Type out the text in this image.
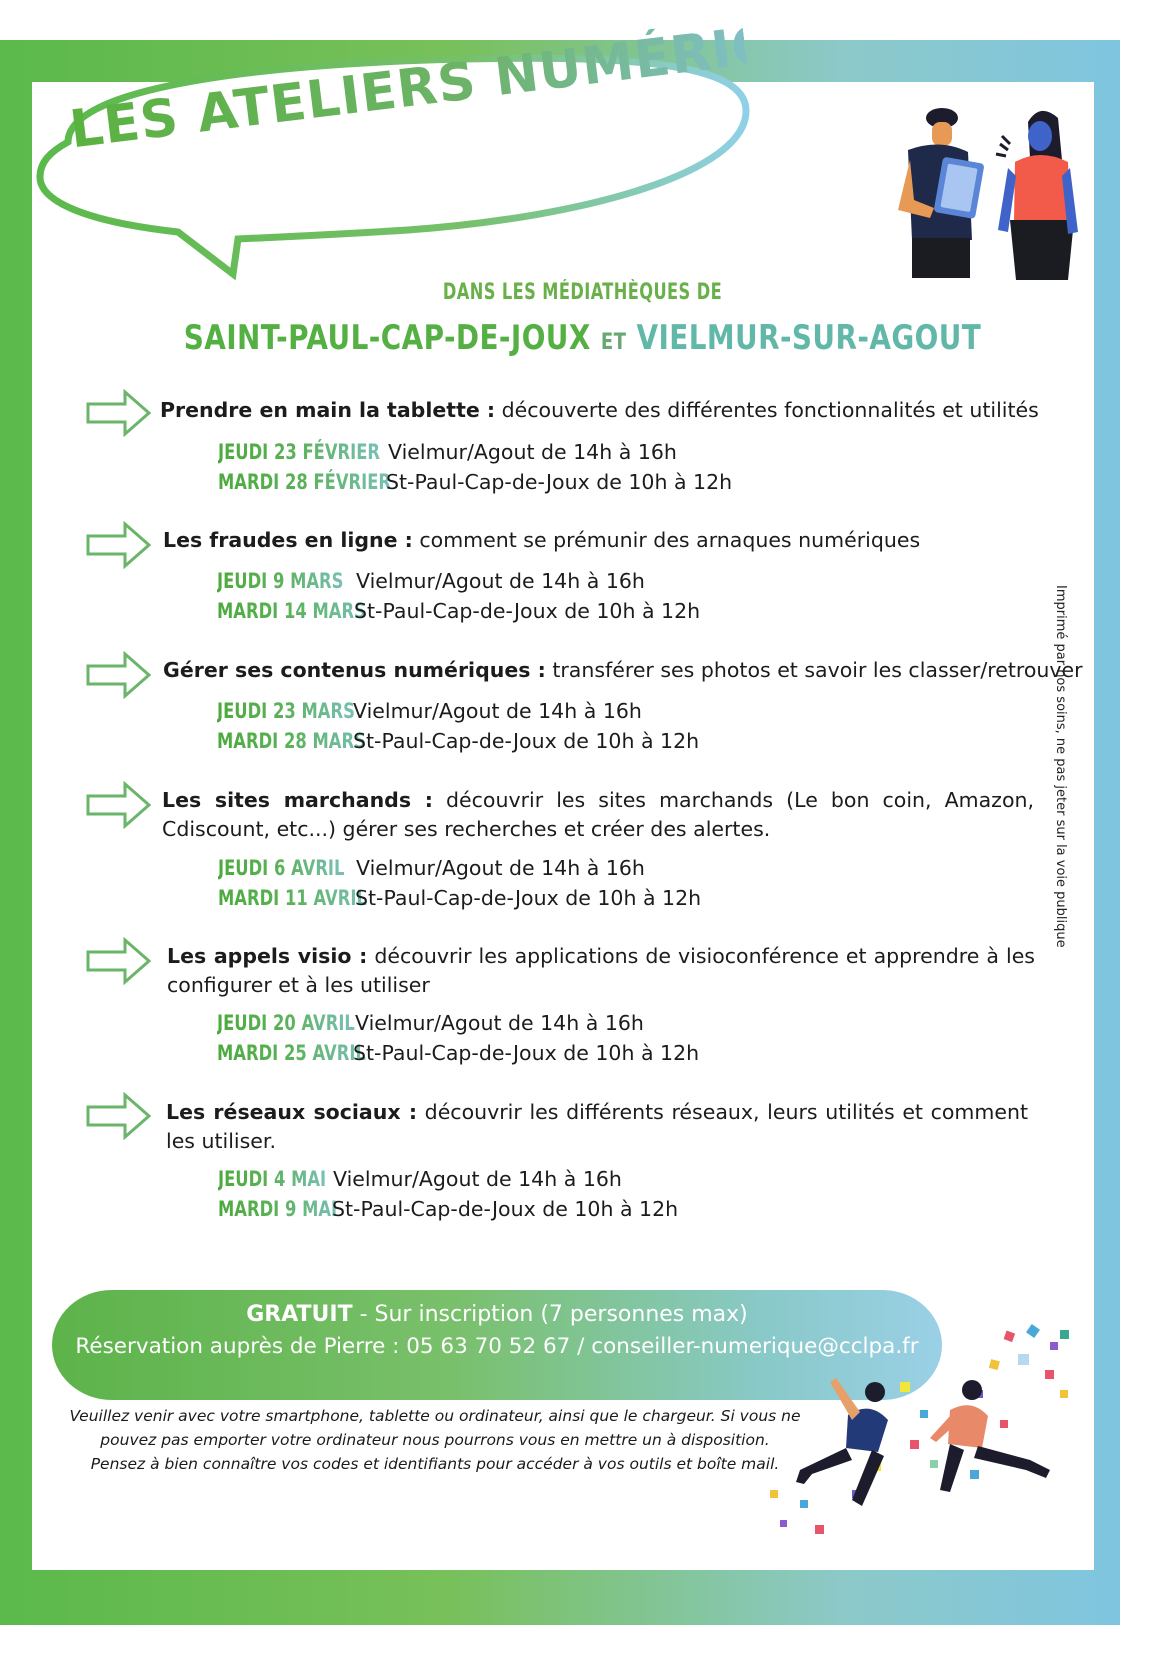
LES ATELIERS NUMÉRIQUES
DANS LES MÉDIATHÈQUES DE
SAINT-PAUL-CAP-DE-JOUX ET VIELMUR-SUR-AGOUT
Prendre en main la tablette : découverte des différentes fonctionnalités et utilités
JEUDI 23 FÉVRIER Vielmur/Agout de 14h à 16h
MARDI 28 FÉVRIER
St-Paul-Cap-de-Joux de 10h à 12h
Les fraudes en ligne : comment se prémunir des arnaques numériques
JEUDI 9 MARS Vielmur/Agout de 14h à 16h
MARDI 14 MARS
St-Paul-Cap-de-Joux de 10h à 12h
Gérer ses contenus numériques : transférer ses photos et savoir les classer/retrouver
JEUDI 23 MARS
Vielmur/Agout de 14h à 16h
MARDI 28 MARS
St-Paul-Cap-de-Joux de 10h à 12h
Les sites marchands : découvrir les sites marchands (Le bon coin, Amazon, Cdiscount, etc...) gérer ses recherches et créer des alertes.
JEUDI 6 AVRIL Vielmur/Agout de 14h à 16h
MARDI 11 AVRIL
St-Paul-Cap-de-Joux de 10h à 12h
Les appels visio : découvrir les applications de visioconférence et apprendre à les configurer et à les utiliser
JEUDI 20 AVRIL Vielmur/Agout de 14h à 16h
MARDI 25 AVRIL
St-Paul-Cap-de-Joux de 10h à 12h
Les réseaux sociaux : découvrir les différents réseaux, leurs utilités et comment les utiliser.
JEUDI 4 MAI Vielmur/Agout de 14h à 16h
MARDI 9 MAI
St-Paul-Cap-de-Joux de 10h à 12h
Imprimé par nos soins, ne pas jeter sur la voie publique
GRATUIT - Sur inscription (7 personnes max)
Réservation auprès de Pierre : 05 63 70 52 67 / conseiller-numerique@cclpa.fr
Veuillez venir avec votre smartphone, tablette ou ordinateur, ainsi que le chargeur. Si vous ne
pouvez pas emporter votre ordinateur nous pourrons vous en mettre un à disposition.
Pensez à bien connaître vos codes et identifiants pour accéder à vos outils et boîte mail.
